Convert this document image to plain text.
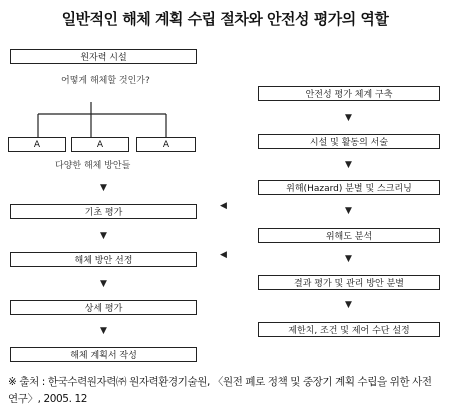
일반적인 해체 계획 수립 절차와 안전성 평가의 역할
원자력 시설
어떻게 해체할 것인가?
A	A	A
다양한 해체 방안들
▼
기초 평가
▼
해체 방안 선정
▼
상세 평가
▼
해체 계획서 작성
◀
◀
안전성 평가 체계 구축
▼
시설 및 활동의 서술
▼
위해(Hazard) 분별 및 스크리닝
▼
위해도 분석
▼
결과 평가 및 관리 방안 분별
▼
제한치, 조건 및 제어 수단 설정
※ 출처 : 한국수력원자력㈜ 원자력환경기술원, 〈원전 폐로 정책 및 중장기 계획 수립을 위한 사전 연구〉, 2005. 12
